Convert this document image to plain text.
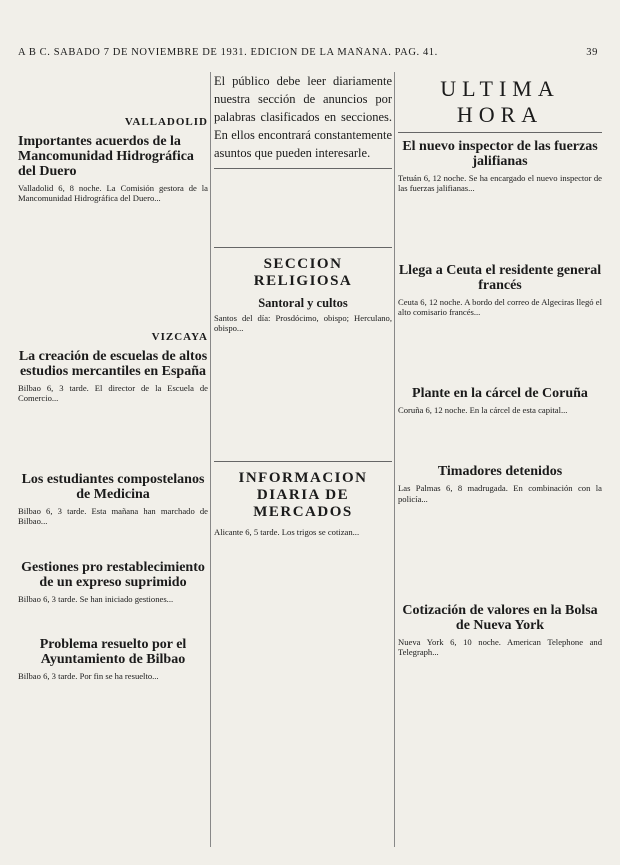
A B C. SABADO 7 DE NOVIEMBRE DE 1931. EDICION DE LA MAÑANA. PAG. 41.	39
VALLADOLID
Importantes acuerdos de la Mancomunidad Hidrográfica del Duero

Valladolid 6, 8 noche. La Comisión gestora de la Mancomunidad Hidrográfica del Duero...

VIZCAYA
La creación de escuelas de altos estudios mercantiles en España

Bilbao 6, 3 tarde. El director de la Escuela de Comercio...

Los estudiantes compostelanos de Medicina

Bilbao 6, 3 tarde. Esta mañana han marchado de Bilbao...

Gestiones pro restablecimiento de un expreso suprimido

Bilbao 6, 3 tarde. Se han iniciado gestiones...

Problema resuelto por el Ayuntamiento de Bilbao

Bilbao 6, 3 tarde. Por fin se ha resuelto...

El público debe leer diariamente nuestra sección de anuncios por palabras clasificados en secciones. En ellos encontrará constantemente asuntos que pueden interesarle.
SECCION RELIGIOSA
Santoral y cultos

Santos del día: Prosdócimo, obispo; Herculano, obispo...

INFORMACION DIARIA DE MERCADOS

Alicante 6, 5 tarde. Los trigos se cotizan...

ULTIMA HORA
El nuevo inspector de las fuerzas jalifianas

Tetuán 6, 12 noche. Se ha encargado el nuevo inspector de las fuerzas jalifianas...

Llega a Ceuta el residente general francés

Ceuta 6, 12 noche. A bordo del correo de Algeciras llegó el alto comisario francés...

Plante en la cárcel de Coruña

Coruña 6, 12 noche. En la cárcel de esta capital...

Timadores detenidos

Las Palmas 6, 8 madrugada. En combinación con la policía...

Cotización de valores en la Bolsa de Nueva York

Nueva York 6, 10 noche. American Telephone and Telegraph...
